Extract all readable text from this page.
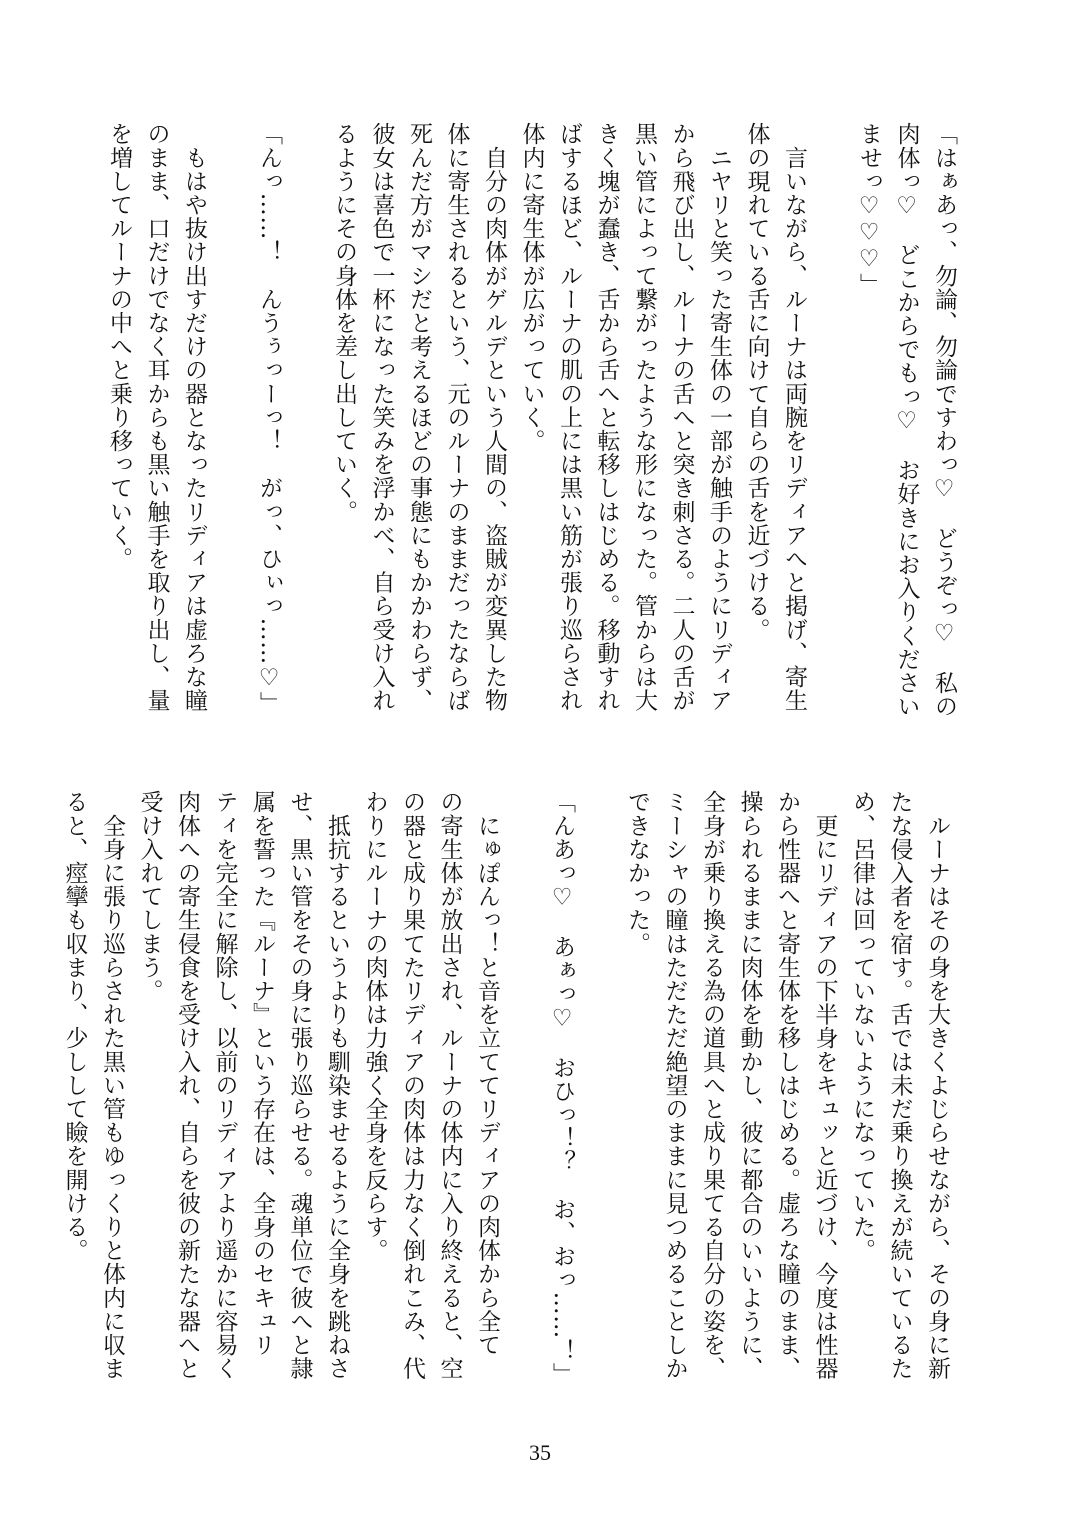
「はぁあっ、勿論、勿論ですわっ♡　どうぞっ♡　私の
肉体っ♡　どこからでもっ♡　お好きにお入りください
ませっ♡♡♡」
　言いながら、ルーナは両腕をリディアへと掲げ、寄生
体の現れている舌に向けて自らの舌を近づける。
　ニヤリと笑った寄生体の一部が触手のようにリディア
から飛び出し、ルーナの舌へと突き刺さる。二人の舌が
黒い管によって繋がったような形になった。管からは大
きく塊が蠢き、舌から舌へと転移しはじめる。移動すれ
ばするほど、ルーナの肌の上には黒い筋が張り巡らされ
体内に寄生体が広がっていく。
　自分の肉体がゲルデという人間の、盗賊が変異した物
体に寄生されるという、元のルーナのままだったならば
死んだ方がマシだと考えるほどの事態にもかかわらず、
彼女は喜色で一杯になった笑みを浮かべ、自ら受け入れ
るようにその身体を差し出していく。
「んっ……！　んうぅっーっ！　がっ、ひぃっ……♡」
　もはや抜け出すだけの器となったリディアは虚ろな瞳
のまま、口だけでなく耳からも黒い触手を取り出し、量
を増してルーナの中へと乗り移っていく。
　ルーナはその身を大きくよじらせながら、その身に新
たな侵入者を宿す。舌では未だ乗り換えが続いているた
め、呂律は回っていないようになっていた。
　更にリディアの下半身をキュッと近づけ、今度は性器
から性器へと寄生体を移しはじめる。虚ろな瞳のまま、
操られるままに肉体を動かし、彼に都合のいいように、
全身が乗り換える為の道具へと成り果てる自分の姿を、
ミーシャの瞳はただただ絶望のままに見つめることしか
できなかった。
「んあっ♡　あぁっ♡　おひっ！？　お、おっ……！」
　にゅぽんっ！と音を立ててリディアの肉体から全て
の寄生体が放出され、ルーナの体内に入り終えると、空
の器と成り果てたリディアの肉体は力なく倒れこみ、代
わりにルーナの肉体は力強く全身を反らす。
　抵抗するというよりも馴染ませるように全身を跳ねさ
せ、黒い管をその身に張り巡らせる。魂単位で彼へと隷
属を誓った『ルーナ』という存在は、全身のセキュリ
ティを完全に解除し、以前のリディアより遥かに容易く
肉体への寄生侵食を受け入れ、自らを彼の新たな器へと
受け入れてしまう。
　全身に張り巡らされた黒い管もゆっくりと体内に収ま
ると、痙攣も収まり、少しして瞼を開ける。
35
